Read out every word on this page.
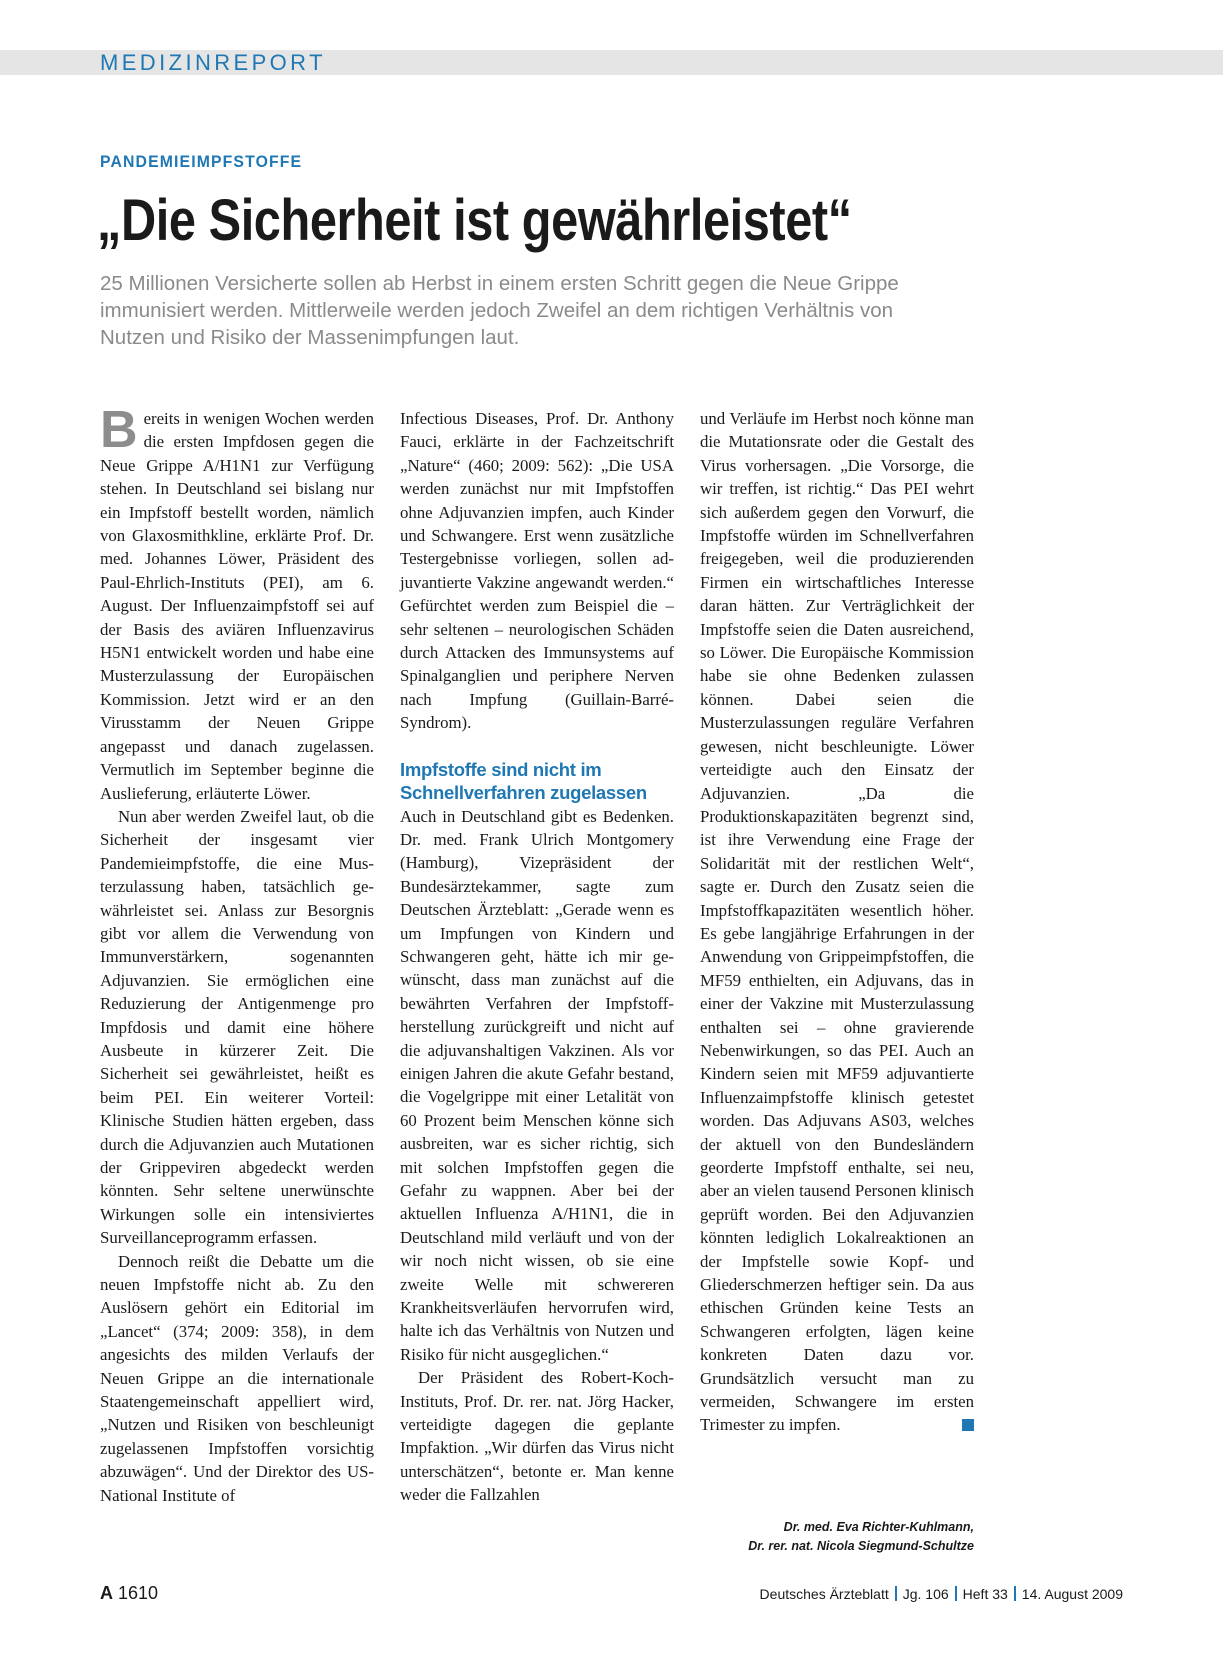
MEDIZINREPORT
PANDEMIEIMPFSTOFFE
„Die Sicherheit ist gewährleistet“

25 Millionen Versicherte sollen ab Herbst in einem ersten Schritt gegen die Neue Grippe immunisiert werden. Mittlerweile werden jedoch Zweifel an dem richtigen Verhältnis von Nutzen und Risiko der Massenimpfungen laut.

Bereits in wenigen Wochen werden die ersten Impfdosen gegen die Neue Grippe A/H1N1 zur Verfügung stehen. In Deutschland sei bislang nur ein Impfstoff bestellt worden, nämlich von Glaxosmithkline, erklärte Prof. Dr. med. Johannes Löwer, Präsident des Paul-Ehrlich-Instituts (PEI), am 6. August. Der Influenzaimpfstoff sei auf der Basis des aviären Influenzavirus H5N1 entwickelt worden und habe eine Musterzulassung der Europäischen Kommission. Jetzt wird er an den Virusstamm der Neuen Grippe angepasst und danach zugelassen. Vermutlich im September beginne die Auslieferung, erläuterte Löwer.

Nun aber werden Zweifel laut, ob die Sicherheit der insgesamt vier Pandemieimpfstoffe, die eine Musterzulassung haben, tatsächlich gewährleistet sei. Anlass zur Besorgnis gibt vor allem die Verwendung von Immunverstärkern, sogenannten Adjuvanzien. Sie ermöglichen eine Reduzierung der Antigenmenge pro Impfdosis und damit eine höhere Ausbeute in kürzerer Zeit. Die Sicherheit sei gewährleistet, heißt es beim PEI. Ein weiterer Vorteil: Klinische Studien hätten ergeben, dass durch die Adjuvanzien auch Mutationen der Grippeviren abgedeckt werden könnten. Sehr seltene unerwünschte Wirkungen solle ein intensiviertes Surveillanceprogramm erfassen.

Dennoch reißt die Debatte um die neuen Impfstoffe nicht ab. Zu den Auslösern gehört ein Editorial im „Lancet“ (374; 2009: 358), in dem angesichts des milden Verlaufs der Neuen Grippe an die internationale Staatengemeinschaft appelliert wird, „Nutzen und Risiken von beschleunigt zugelassenen Impfstoffen vorsichtig abzuwägen“. Und der Direktor des US-National Institute of

Infectious Diseases, Prof. Dr. Anthony Fauci, erklärte in der Fachzeitschrift „Nature“ (460; 2009: 562): „Die USA werden zunächst nur mit Impfstoffen ohne Adjuvanzien impfen, auch Kinder und Schwangere. Erst wenn zusätzliche Testergebnisse vorliegen, sollen adjuvantierte Vakzine angewandt werden.“ Gefürchtet werden zum Beispiel die – sehr seltenen – neurologischen Schäden durch Attacken des Immunsystems auf Spinalganglien und periphere Nerven nach Impfung (Guillain-Barré-Syndrom).

Impfstoffe sind nicht im Schnellverfahren zugelassen

Auch in Deutschland gibt es Bedenken. Dr. med. Frank Ulrich Montgomery (Hamburg), Vizepräsident der Bundesärztekammer, sagte zum Deutschen Ärzteblatt: „Gerade wenn es um Impfungen von Kindern und Schwangeren geht, hätte ich mir gewünscht, dass man zunächst auf die bewährten Verfahren der Impfstoffherstellung zurückgreift und nicht auf die adjuvanshaltigen Vakzinen. Als vor einigen Jahren die akute Gefahr bestand, die Vogelgrippe mit einer Letalität von 60 Prozent beim Menschen könne sich ausbreiten, war es sicher richtig, sich mit solchen Impfstoffen gegen die Gefahr zu wappnen. Aber bei der aktuellen Influenza A/H1N1, die in Deutschland mild verläuft und von der wir noch nicht wissen, ob sie eine zweite Welle mit schwereren Krankheitsverläufen hervorrufen wird, halte ich das Verhältnis von Nutzen und Risiko für nicht ausgeglichen.“

Der Präsident des Robert-Koch-Instituts, Prof. Dr. rer. nat. Jörg Hacker, verteidigte dagegen die geplante Impfaktion. „Wir dürfen das Virus nicht unterschätzen“, betonte er. Man kenne weder die Fallzahlen

und Verläufe im Herbst noch könne man die Mutationsrate oder die Gestalt des Virus vorhersagen. „Die Vorsorge, die wir treffen, ist richtig.“ Das PEI wehrt sich außerdem gegen den Vorwurf, die Impfstoffe würden im Schnellverfahren freigegeben, weil die produzierenden Firmen ein wirtschaftliches Interesse daran hätten. Zur Verträglichkeit der Impfstoffe seien die Daten ausreichend, so Löwer. Die Europäische Kommission habe sie ohne Bedenken zulassen können. Dabei seien die Musterzulassungen reguläre Verfahren gewesen, nicht beschleunigte. Löwer verteidigte auch den Einsatz der Adjuvanzien. „Da die Produktionskapazitäten begrenzt sind, ist ihre Verwendung eine Frage der Solidarität mit der restlichen Welt“, sagte er. Durch den Zusatz seien die Impfstoffkapazitäten wesentlich höher. Es gebe langjährige Erfahrungen in der Anwendung von Grippeimpfstoffen, die MF59 enthielten, ein Adjuvans, das in einer der Vakzine mit Musterzulassung enthalten sei – ohne gravierende Nebenwirkungen, so das PEI. Auch an Kindern seien mit MF59 adjuvantierte Influenzaimpfstoffe klinisch getestet worden. Das Adjuvans AS03, welches der aktuell von den Bundesländern georderte Impfstoff enthalte, sei neu, aber an vielen tausend Personen klinisch geprüft worden. Bei den Adjuvanzien könnten lediglich Lokalreaktionen an der Impfstelle sowie Kopf- und Gliederschmerzen heftiger sein. Da aus ethischen Gründen keine Tests an Schwangeren erfolgten, lägen keine konkreten Daten dazu vor. Grundsätzlich versucht man zu vermeiden, Schwangere im ersten Trimester zu impfen.

Dr. med. Eva Richter-Kuhlmann,
Dr. rer. nat. Nicola Siegmund-Schultze
A 1610	Deutsches Ärzteblatt Jg. 106 Heft 33 14. August 2009
